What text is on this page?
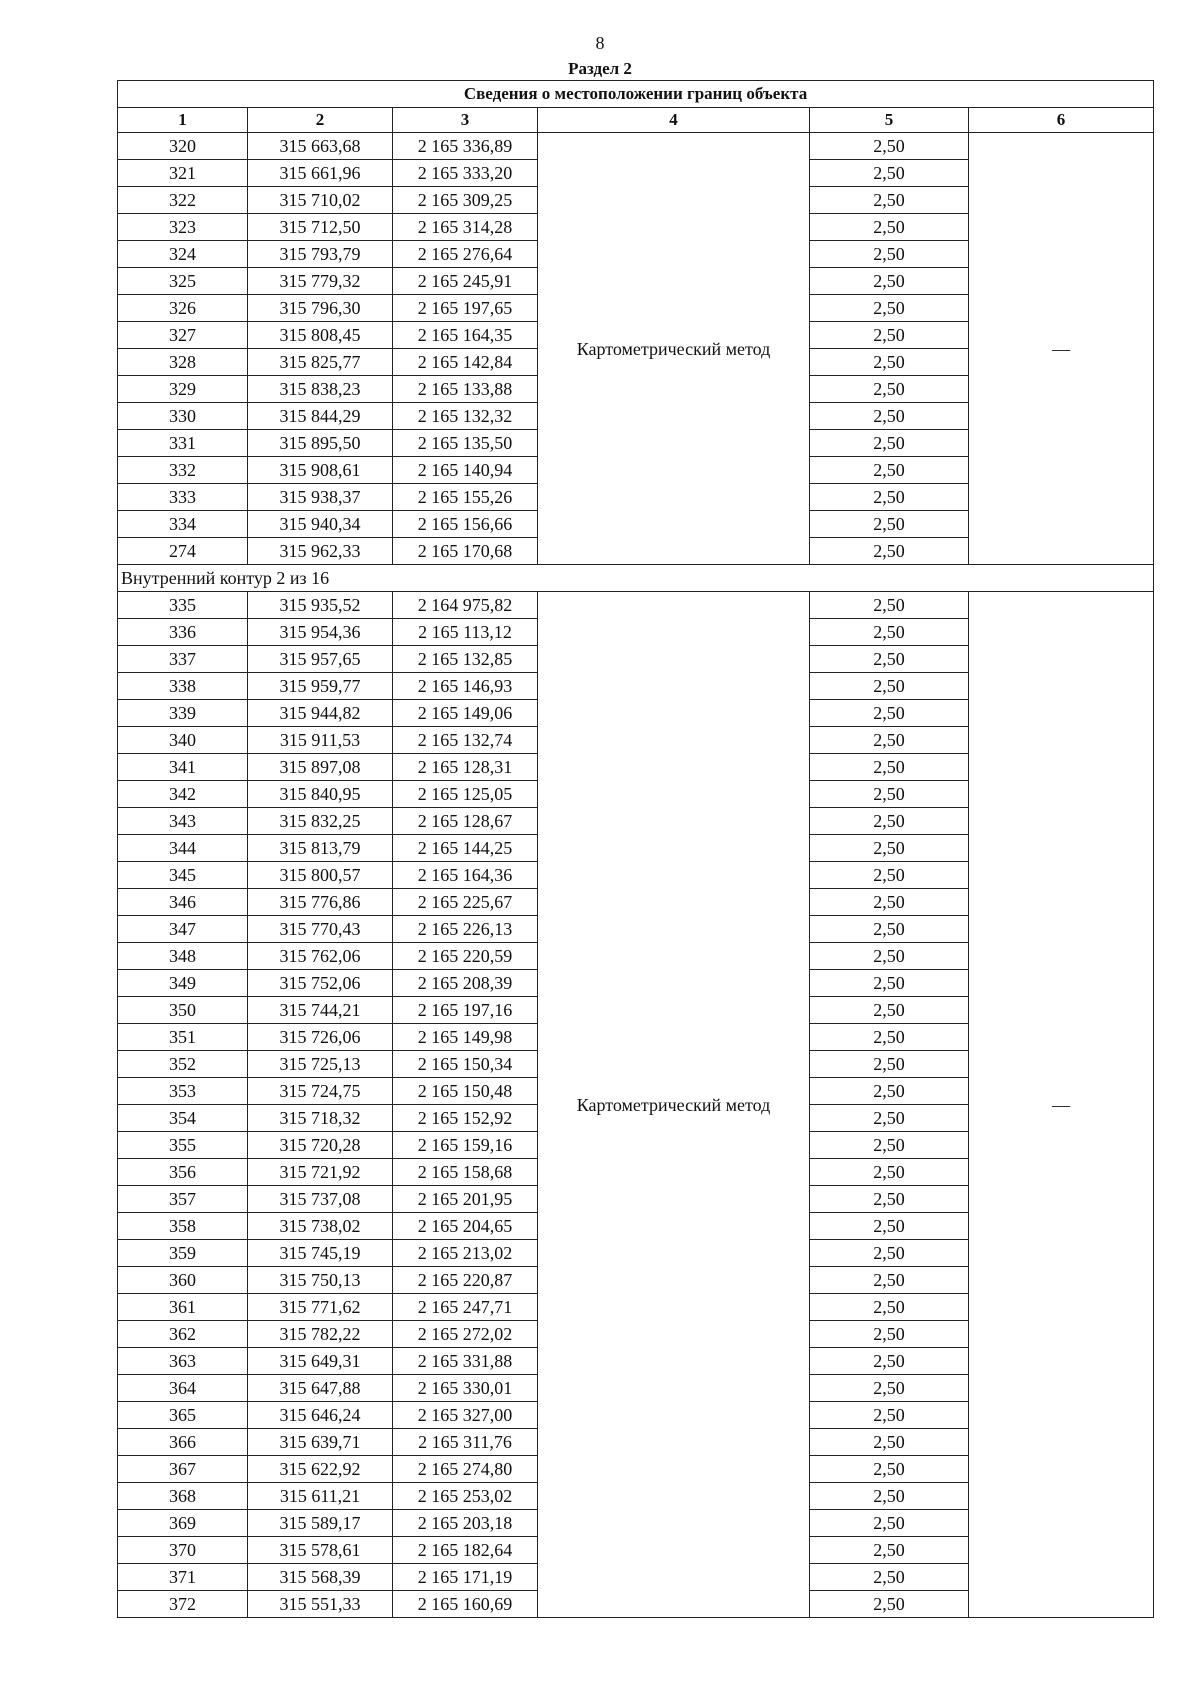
8
Раздел 2
Сведения о местоположении границ объекта					
1	2	3	4	5	6
320	315 663,68	2 165 336,89	Картометрический метод	2,50	—
321	315 661,96	2 165 333,20		2,50	
322	315 710,02	2 165 309,25		2,50	
323	315 712,50	2 165 314,28		2,50	
324	315 793,79	2 165 276,64		2,50	
325	315 779,32	2 165 245,91		2,50	
326	315 796,30	2 165 197,65		2,50	
327	315 808,45	2 165 164,35		2,50	
328	315 825,77	2 165 142,84		2,50	
329	315 838,23	2 165 133,88		2,50	
330	315 844,29	2 165 132,32		2,50	
331	315 895,50	2 165 135,50		2,50	
332	315 908,61	2 165 140,94		2,50	
333	315 938,37	2 165 155,26		2,50	
334	315 940,34	2 165 156,66		2,50	
274	315 962,33	2 165 170,68		2,50	
Внутренний контур 2 из 16					
335	315 935,52	2 164 975,82	Картометрический метод	2,50	—
336	315 954,36	2 165 113,12		2,50	
337	315 957,65	2 165 132,85		2,50	
338	315 959,77	2 165 146,93		2,50	
339	315 944,82	2 165 149,06		2,50	
340	315 911,53	2 165 132,74		2,50	
341	315 897,08	2 165 128,31		2,50	
342	315 840,95	2 165 125,05		2,50	
343	315 832,25	2 165 128,67		2,50	
344	315 813,79	2 165 144,25		2,50	
345	315 800,57	2 165 164,36		2,50	
346	315 776,86	2 165 225,67		2,50	
347	315 770,43	2 165 226,13		2,50	
348	315 762,06	2 165 220,59		2,50	
349	315 752,06	2 165 208,39		2,50	
350	315 744,21	2 165 197,16		2,50	
351	315 726,06	2 165 149,98		2,50	
352	315 725,13	2 165 150,34		2,50	
353	315 724,75	2 165 150,48		2,50	
354	315 718,32	2 165 152,92		2,50	
355	315 720,28	2 165 159,16		2,50	
356	315 721,92	2 165 158,68		2,50	
357	315 737,08	2 165 201,95		2,50	
358	315 738,02	2 165 204,65		2,50	
359	315 745,19	2 165 213,02		2,50	
360	315 750,13	2 165 220,87		2,50	
361	315 771,62	2 165 247,71		2,50	
362	315 782,22	2 165 272,02		2,50	
363	315 649,31	2 165 331,88		2,50	
364	315 647,88	2 165 330,01		2,50	
365	315 646,24	2 165 327,00		2,50	
366	315 639,71	2 165 311,76		2,50	
367	315 622,92	2 165 274,80		2,50	
368	315 611,21	2 165 253,02		2,50	
369	315 589,17	2 165 203,18		2,50	
370	315 578,61	2 165 182,64		2,50	
371	315 568,39	2 165 171,19		2,50	
372	315 551,33	2 165 160,69		2,50	
